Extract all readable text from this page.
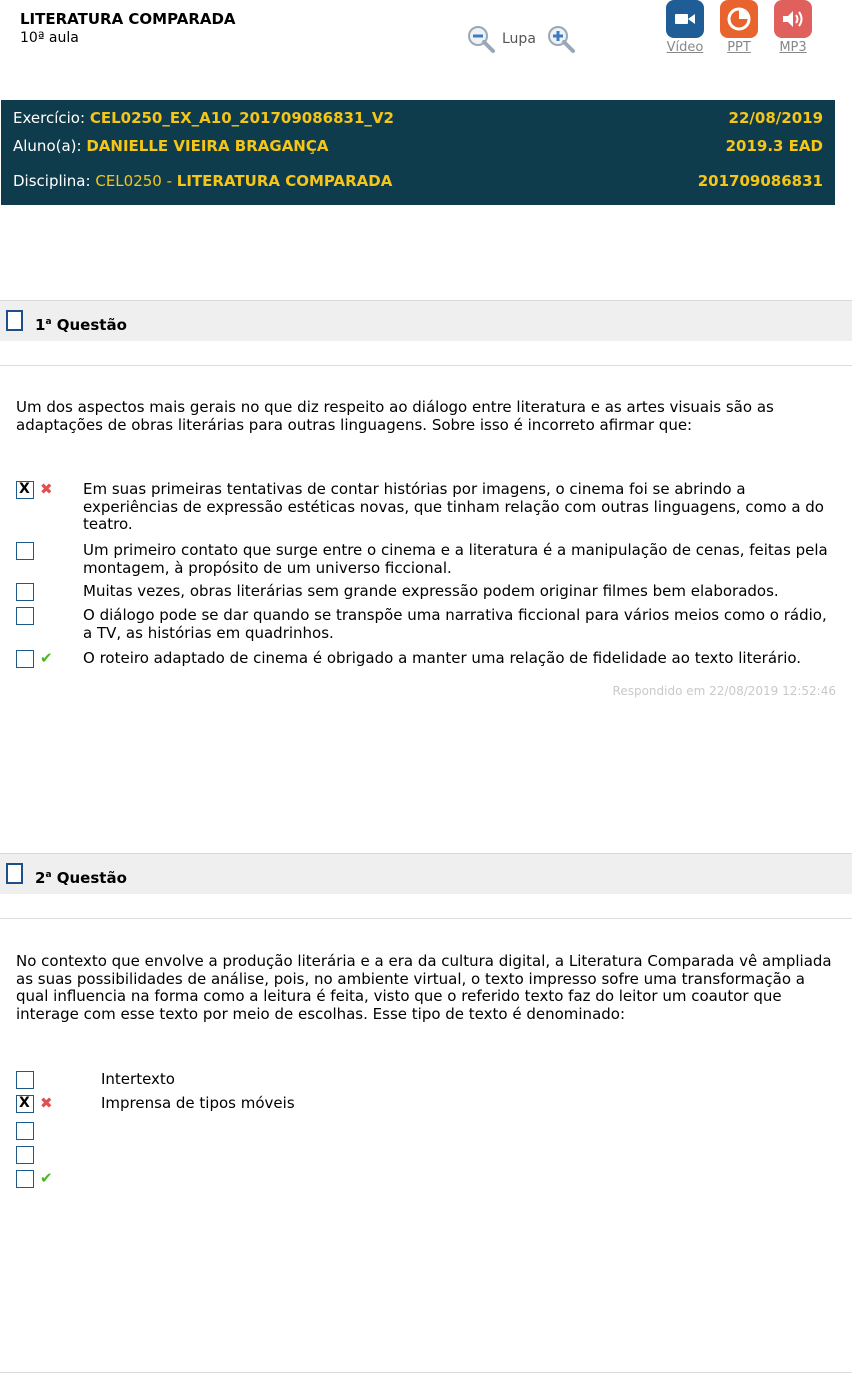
LITERATURA COMPARADA
10ª aula	Lupa
Vídeo	PPT	MP3
Exercício: CEL0250_EX_A10_201709086831_V2	22/08/2019
Aluno(a): DANIELLE VIEIRA BRAGANÇA	2019.3 EAD
Disciplina: CEL0250 - LITERATURA COMPARADA	201709086831
1$^a$ Questão
Um dos aspectos mais gerais no que diz respeito ao diálogo entre literatura e as artes visuais são as adaptações de obras literárias para outras linguagens. Sobre isso é incorreto afirmar que:
X
✖ Em suas primeiras tentativas de contar histórias por imagens, o cinema foi se abrindo a experiências de expressão estéticas novas, que tinham relação com outras linguagens, como a do teatro.
Um primeiro contato que surge entre o cinema e a literatura é a manipulação de cenas, feitas pela montagem, à propósito de um universo ficcional.
Muitas vezes, obras literárias sem grande expressão podem originar filmes bem elaborados.
O diálogo pode se dar quando se transpõe uma narrativa ficcional para vários meios como o rádio, a TV, as histórias em quadrinhos.
✔ O roteiro adaptado de cinema é obrigado a manter uma relação de fidelidade ao texto literário.
Respondido em 22/08/2019 12:52:46
2$^a$ Questão
No contexto que envolve a produção literária e a era da cultura digital, a Literatura Comparada vê ampliada as suas possibilidades de análise, pois, no ambiente virtual, o texto impresso sofre uma transformação a qual influencia na forma como a leitura é feita, visto que o referido texto faz do leitor um coautor que interage com esse texto por meio de escolhas. Esse tipo de texto é denominado:
Intertexto
X
✖	Imprensa de tipos móveis
✔
